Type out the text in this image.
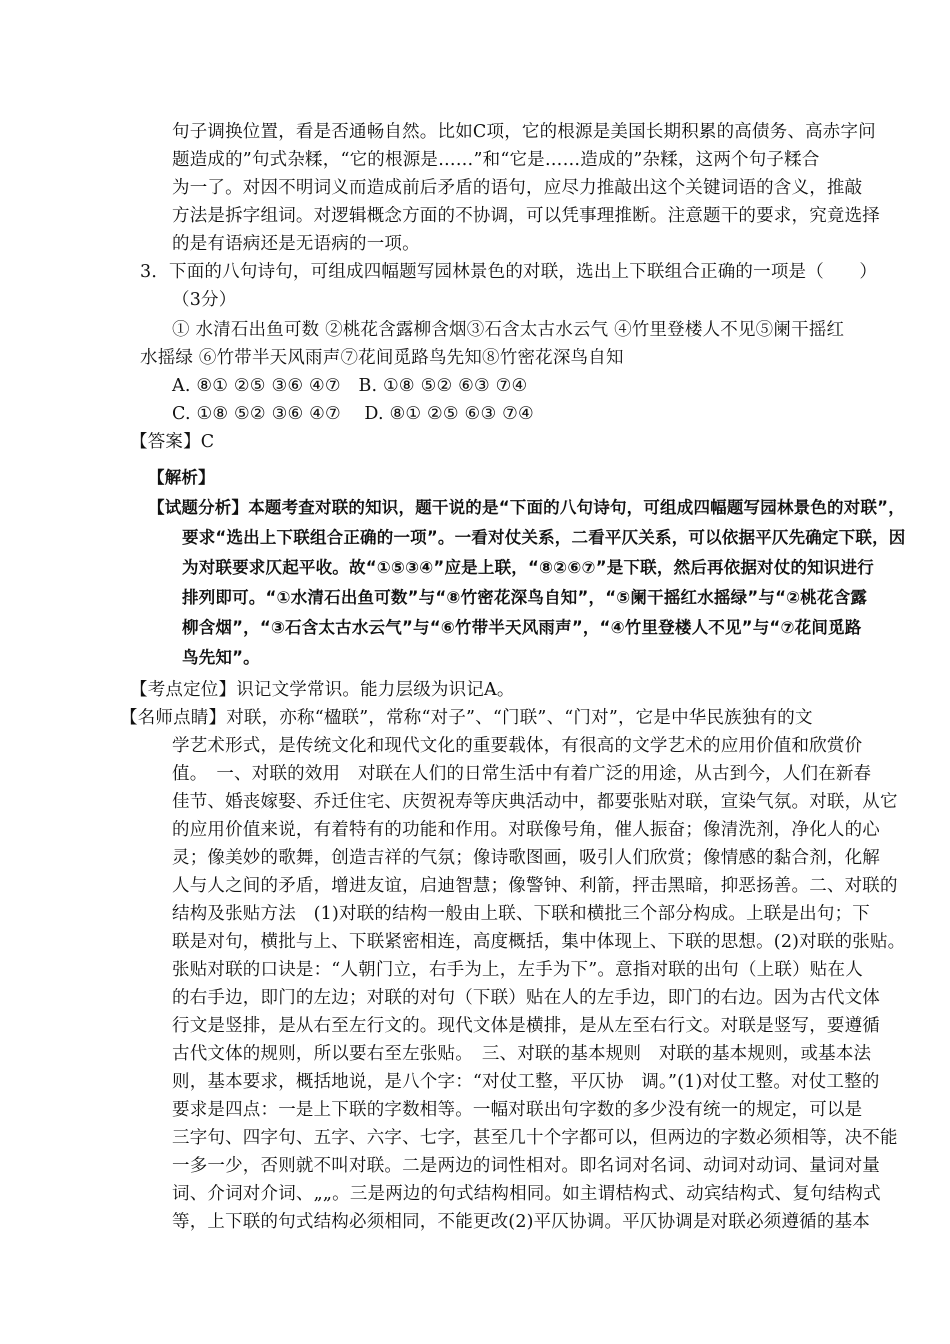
句子调换位置，看是否通畅自然。比如C项，它的根源是美国长期积累的高债务、高赤字问
题造成的”句式杂糅，“它的根源是……”和“它是……造成的”杂糅，这两个句子糅合
为一了。对因不明词义而造成前后矛盾的语句，应尽力推敲出这个关键词语的含义，推敲
方法是拆字组词。对逻辑概念方面的不协调，可以凭事理推断。注意题干的要求，究竟选择
的是有语病还是无语病的一项。
3．下面的八句诗句，可组成四幅题写园林景色的对联，选出上下联组合正确的一项是（　　）
（3分）
① 水清石出鱼可数 ②桃花含露柳含烟③石含太古水云气 ④竹里登楼人不见⑤阑干摇红
水摇绿 ⑥竹带半天风雨声⑦花间觅路鸟先知⑧竹密花深鸟自知
A. ⑧① ②⑤ ③⑥ ④⑦　B. ①⑧ ⑤② ⑥③ ⑦④
C. ①⑧ ⑤② ③⑥ ④⑦　 D. ⑧① ②⑤ ⑥③ ⑦④
【答案】C
【解析】
【试题分析】本题考查对联的知识，题干说的是“下面的八句诗句，可组成四幅题写园林景色的对联”，
要求“选出上下联组合正确的一项”。一看对仗关系，二看平仄关系，可以依据平仄先确定下联，因
为对联要求仄起平收。故“①⑤③④”应是上联，“⑧②⑥⑦”是下联，然后再依据对仗的知识进行
排列即可。“①水清石出鱼可数”与“⑧竹密花深鸟自知”，“⑤阑干摇红水摇绿”与“②桃花含露
柳含烟”，“③石含太古水云气”与“⑥竹带半天风雨声”，“④竹里登楼人不见”与“⑦花间觅路
鸟先知”。
【考点定位】识记文学常识。能力层级为识记A。
【名师点睛】对联，亦称“楹联”，常称“对子”、“门联”、“门对”，它是中华民族独有的文
学艺术形式，是传统文化和现代文化的重要载体，有很高的文学艺术的应用价值和欣赏价
值。　一、对联的效用　对联在人们的日常生活中有着广泛的用途，从古到今，人们在新春
佳节、婚丧嫁娶、乔迁住宅、庆贺祝寿等庆典活动中，都要张贴对联，宣染气氛。对联，从它
的应用价值来说，有着特有的功能和作用。对联像号角，催人振奋；像清洗剂，净化人的心
灵；像美妙的歌舞，创造吉祥的气氛；像诗歌图画，吸引人们欣赏；像情感的黏合剂，化解
人与人之间的矛盾，增进友谊，启迪智慧；像警钟、利箭，抨击黑暗，抑恶扬善。二、对联的
结构及张贴方法　(1)对联的结构一般由上联、下联和横批三个部分构成。上联是出句；下
联是对句，横批与上、下联紧密相连，高度概括，集中体现上、下联的思想。(2)对联的张贴。
张贴对联的口诀是：“人朝门立，右手为上，左手为下”。意指对联的出句（上联）贴在人
的右手边，即门的左边；对联的对句（下联）贴在人的左手边，即门的右边。因为古代文体
行文是竖排，是从右至左行文的。现代文体是横排，是从左至右行文。对联是竖写，要遵循
古代文体的规则，所以要右至左张贴。　三、对联的基本规则　对联的基本规则，或基本法
则，基本要求，概括地说，是八个字：“对仗工整，平仄协　调。”(1)对仗工整。对仗工整的
要求是四点：一是上下联的字数相等。一幅对联出句字数的多少没有统一的规定，可以是
三字句、四字句、五字、六字、七字，甚至几十个字都可以，但两边的字数必须相等，决不能
一多一少，否则就不叫对联。二是两边的词性相对。即名词对名词、动词对动词、量词对量
词、介词对介词、„„。三是两边的句式结构相同。如主谓桔构式、动宾结构式、复句结构式
等，上下联的句式结构必须相同，不能更改(2)平仄协调。平仄协调是对联必须遵循的基本
